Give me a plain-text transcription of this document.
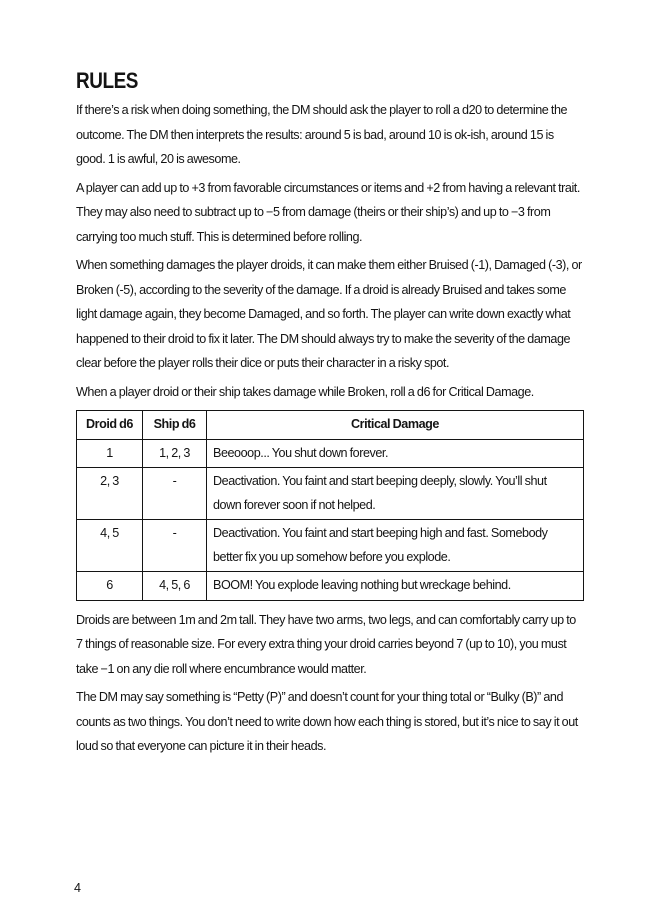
RULES

If there’s a risk when doing something, the DM should ask the player to roll a d20 to determine the outcome. The DM then interprets the results: around 5 is bad, around 10 is ok-ish, around 15 is good. 1 is awful, 20 is awesome.

A player can add up to +3 from favorable circumstances or items and +2 from having a relevant trait. They may also need to subtract up to −5 from damage (theirs or their ship’s) and up to −3 from carrying too much stuff. This is determined before rolling.

When something damages the player droids, it can make them either Bruised (-1), Damaged (-3), or Broken (-5), according to the severity of the damage. If a droid is already Bruised and takes some light damage again, they become Damaged, and so forth. The player can write down exactly what happened to their droid to fix it later. The DM should always try to make the severity of the damage clear before the player rolls their dice or puts their character in a risky spot.

When a player droid or their ship takes damage while Broken, roll a d6 for Critical Damage.

Droid d6	Ship d6	Critical Damage
1	1, 2, 3	Beeooop... You shut down forever.
2, 3	-	Deactivation. You faint and start beeping deeply, slowly. You’ll shut down forever soon if not helped.
4, 5	-	Deactivation. You faint and start beeping high and fast. Somebody better fix you up somehow before you explode.
6	4, 5, 6	BOOM! You explode leaving nothing but wreckage behind.

Droids are between 1m and 2m tall. They have two arms, two legs, and can comfortably carry up to 7 things of reasonable size. For every extra thing your droid carries beyond 7 (up to 10), you must take −1 on any die roll where encumbrance would matter.

The DM may say something is “Petty (P)” and doesn’t count for your thing total or “Bulky (B)” and counts as two things. You don’t need to write down how each thing is stored, but it’s nice to say it out loud so that everyone can picture it in their heads.

4
